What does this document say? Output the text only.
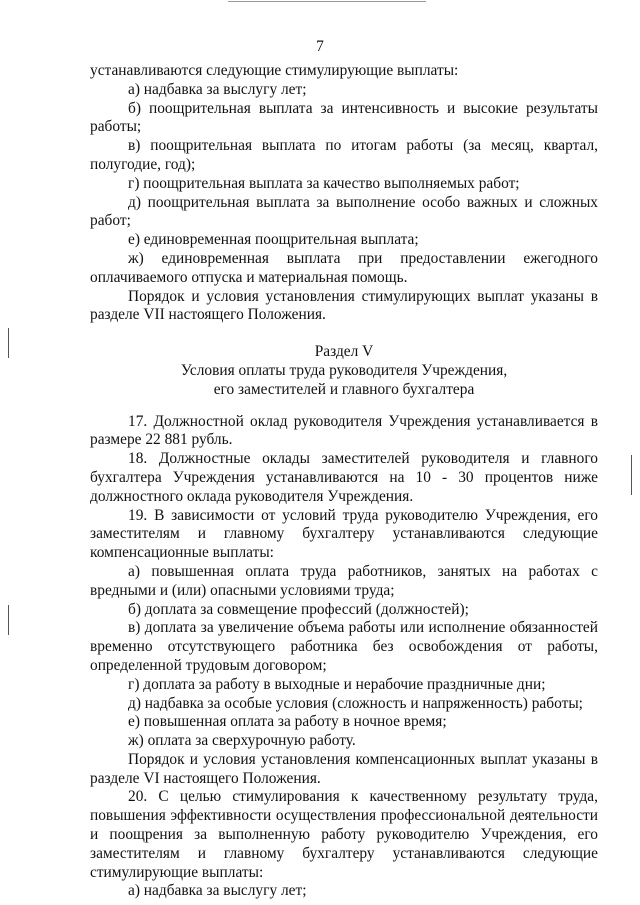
7

устанавливаются следующие стимулирующие выплаты:

а) надбавка за выслугу лет;

б) поощрительная выплата за интенсивность и высокие результаты работы;

в) поощрительная выплата по итогам работы (за месяц, квартал, полугодие, год);

г) поощрительная выплата за качество выполняемых работ;

д) поощрительная выплата за выполнение особо важных и сложных работ;

е) единовременная поощрительная выплата;

ж) единовременная выплата при предоставлении ежегодного оплачиваемого отпуска и материальная помощь.

Порядок и условия установления стимулирующих выплат указаны в разделе VII настоящего Положения.

Раздел V

Условия оплаты труда руководителя Учреждения,

его заместителей и главного бухгалтера

17. Должностной оклад руководителя Учреждения устанавливается в размере 22 881 рубль.

18. Должностные оклады заместителей руководителя и главного бухгалтера Учреждения устанавливаются на 10 - 30 процентов ниже должностного оклада руководителя Учреждения.

19. В зависимости от условий труда руководителю Учреждения, его заместителям и главному бухгалтеру устанавливаются следующие компенсационные выплаты:

а) повышенная оплата труда работников, занятых на работах с вредными и (или) опасными условиями труда;

б) доплата за совмещение профессий (должностей);

в) доплата за увеличение объема работы или исполнение обязанностей временно отсутствующего работника без освобождения от работы, определенной трудовым договором;

г) доплата за работу в выходные и нерабочие праздничные дни;

д) надбавка за особые условия (сложность и напряженность) работы;

е) повышенная оплата за работу в ночное время;

ж) оплата за сверхурочную работу.

Порядок и условия установления компенсационных выплат указаны в разделе VI настоящего Положения.

20. С целью стимулирования к качественному результату труда, повышения эффективности осуществления профессиональной деятельности и поощрения за выполненную работу руководителю Учреждения, его заместителям и главному бухгалтеру устанавливаются следующие стимулирующие выплаты:

а) надбавка за выслугу лет;
